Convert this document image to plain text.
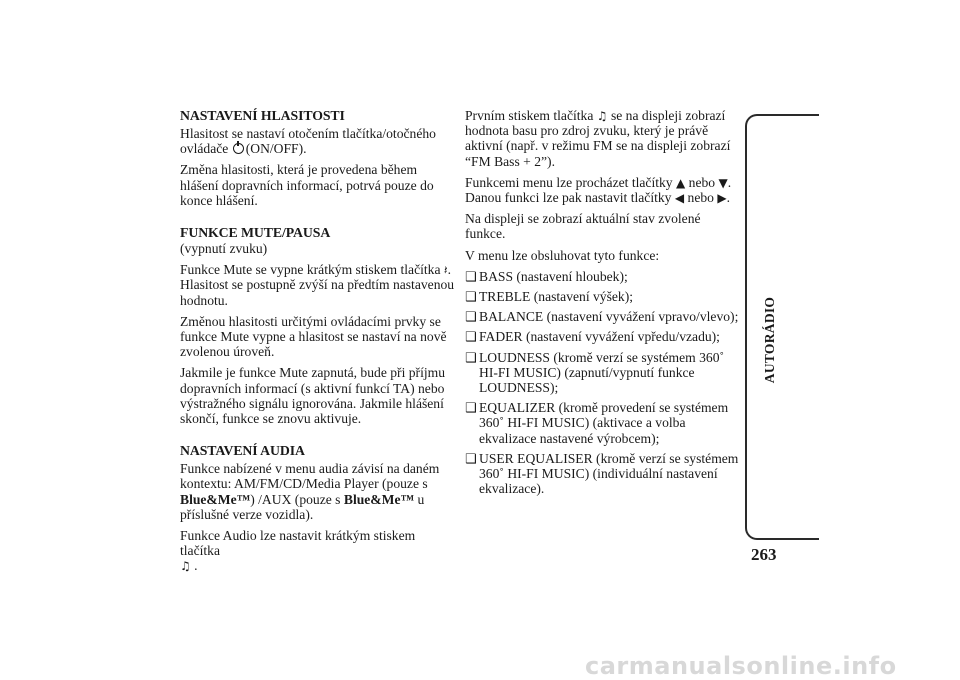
NASTAVENÍ HLASITOSTI

Hlasitost se nastaví otočením tlačítka/otočného ovládače (ON/OFF).

Změna hlasitosti, která je provedena během hlášení dopravních informací, potrvá pouze do konce hlášení.

FUNKCE MUTE/PAUSA

(vypnutí zvuku)

Funkce Mute se vypne krátkým stiskem tlačítka 𝄽. Hlasitost se postupně zvýší na předtím nastavenou hodnotu.

Změnou hlasitosti určitými ovládacími prvky se funkce Mute vypne a hlasitost se nastaví na nově zvolenou úroveň.

Jakmile je funkce Mute zapnutá, bude při příjmu dopravních informací (s aktivní funkcí TA) nebo výstražného signálu ignorována. Jakmile hlášení skončí, funkce se znovu aktivuje.

NASTAVENÍ AUDIA

Funkce nabízené v menu audia závisí na daném kontextu: AM/FM/CD/Media Player (pouze s Blue&Me™) /AUX (pouze s Blue&Me™ u příslušné verze vozidla).

Funkce Audio lze nastavit krátkým stiskem tlačítka
♫ .

Prvním stiskem tlačítka ♫ se na displeji zobrazí hodnota basu pro zdroj zvuku, který je právě aktivní (např. v režimu FM se na displeji zobrazí “FM Bass + 2”).

Funkcemi menu lze procházet tlačítky ▲ nebo ▼. Danou funkci lze pak nastavit tlačítky ◀ nebo ▶.

Na displeji se zobrazí aktuální stav zvolené funkce.

V menu lze obsluhovat tyto funkce:

❑ BASS (nastavení hloubek);
❑ TREBLE (nastavení výšek);
❑ BALANCE (nastavení vyvážení vpravo/vlevo);
❑ FADER (nastavení vyvážení vpředu/vzadu);
❑ LOUDNESS (kromě verzí se systémem 360˚ HI-FI MUSIC) (zapnutí/vypnutí funkce LOUDNESS);
❑ EQUALIZER (kromě provedení se systémem 360˚ HI-FI MUSIC) (aktivace a volba ekvalizace nastavené výrobcem);
❑ USER EQUALISER (kromě verzí se systémem 360˚ HI-FI MUSIC) (individuální nastavení ekvalizace).
AUTORÁDIO
263
carmanualsonline.info
